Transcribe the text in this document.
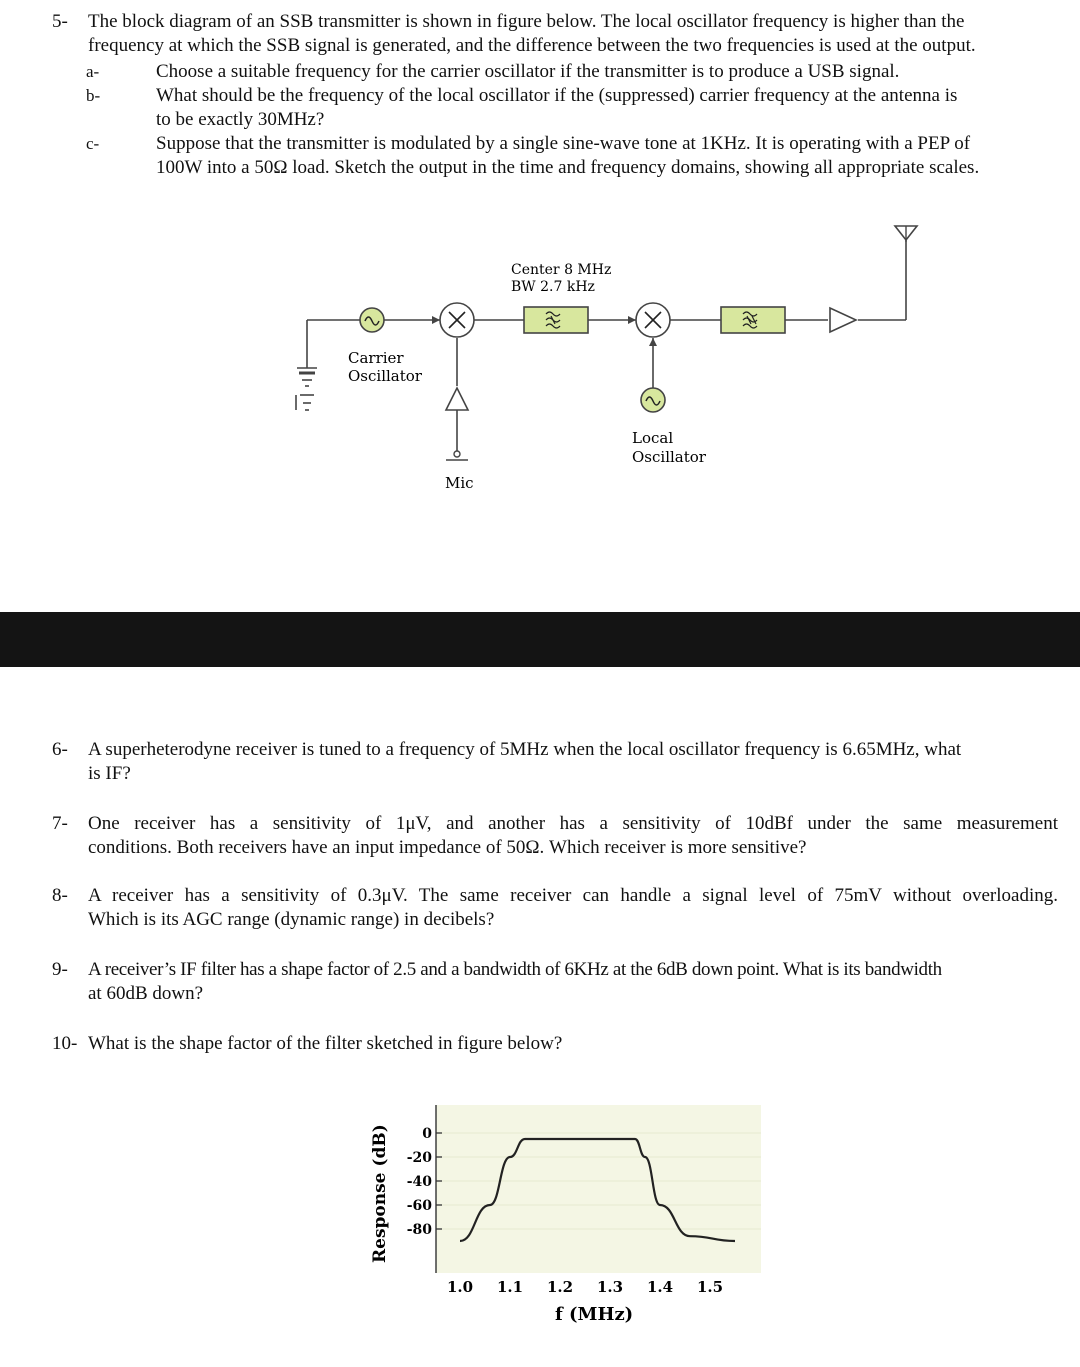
5- The block diagram of an SSB transmitter is shown in figure below. The local oscillator frequency is higher than the
frequency at which the SSB signal is generated, and the difference between the two frequencies is used at the output.
a-	Choose a suitable frequency for the carrier oscillator if the transmitter is to produce a USB signal.
b-	What should be the frequency of the local oscillator if the (suppressed) carrier frequency at the antenna is
to be exactly 30MHz?
c-	Suppose that the transmitter is modulated by a single sine-wave tone at 1KHz. It is operating with a PEP of
100W into a 50Ω load. Sketch the output in the time and frequency domains, showing all appropriate scales.
Center 8 MHz
BW 2.7 kHz
Carrier
Oscillator
Mic
Local
Oscillator
6- A superheterodyne receiver is tuned to a frequency of 5MHz when the local oscillator frequency is 6.65MHz, what
is IF?
7- One receiver has a sensitivity of 1μV, and another has a sensitivity of 10dBf under the same measurement
conditions. Both receivers have an input impedance of 50Ω. Which receiver is more sensitive?
8- A receiver has a sensitivity of 0.3μV. The same receiver can handle a signal level of 75mV without overloading.
Which is its AGC range (dynamic range) in decibels?
9- A receiver’s IF filter has a shape factor of 2.5 and a bandwidth of 6KHz at the 6dB down point. What is its bandwidth
at 60dB down?
10- What is the shape factor of the filter sketched in figure below?
0
-20
-40
-60
-80
1.0 1.1 1.2 1.3 1.4 1.5
Response (dB)
f (MHz)
